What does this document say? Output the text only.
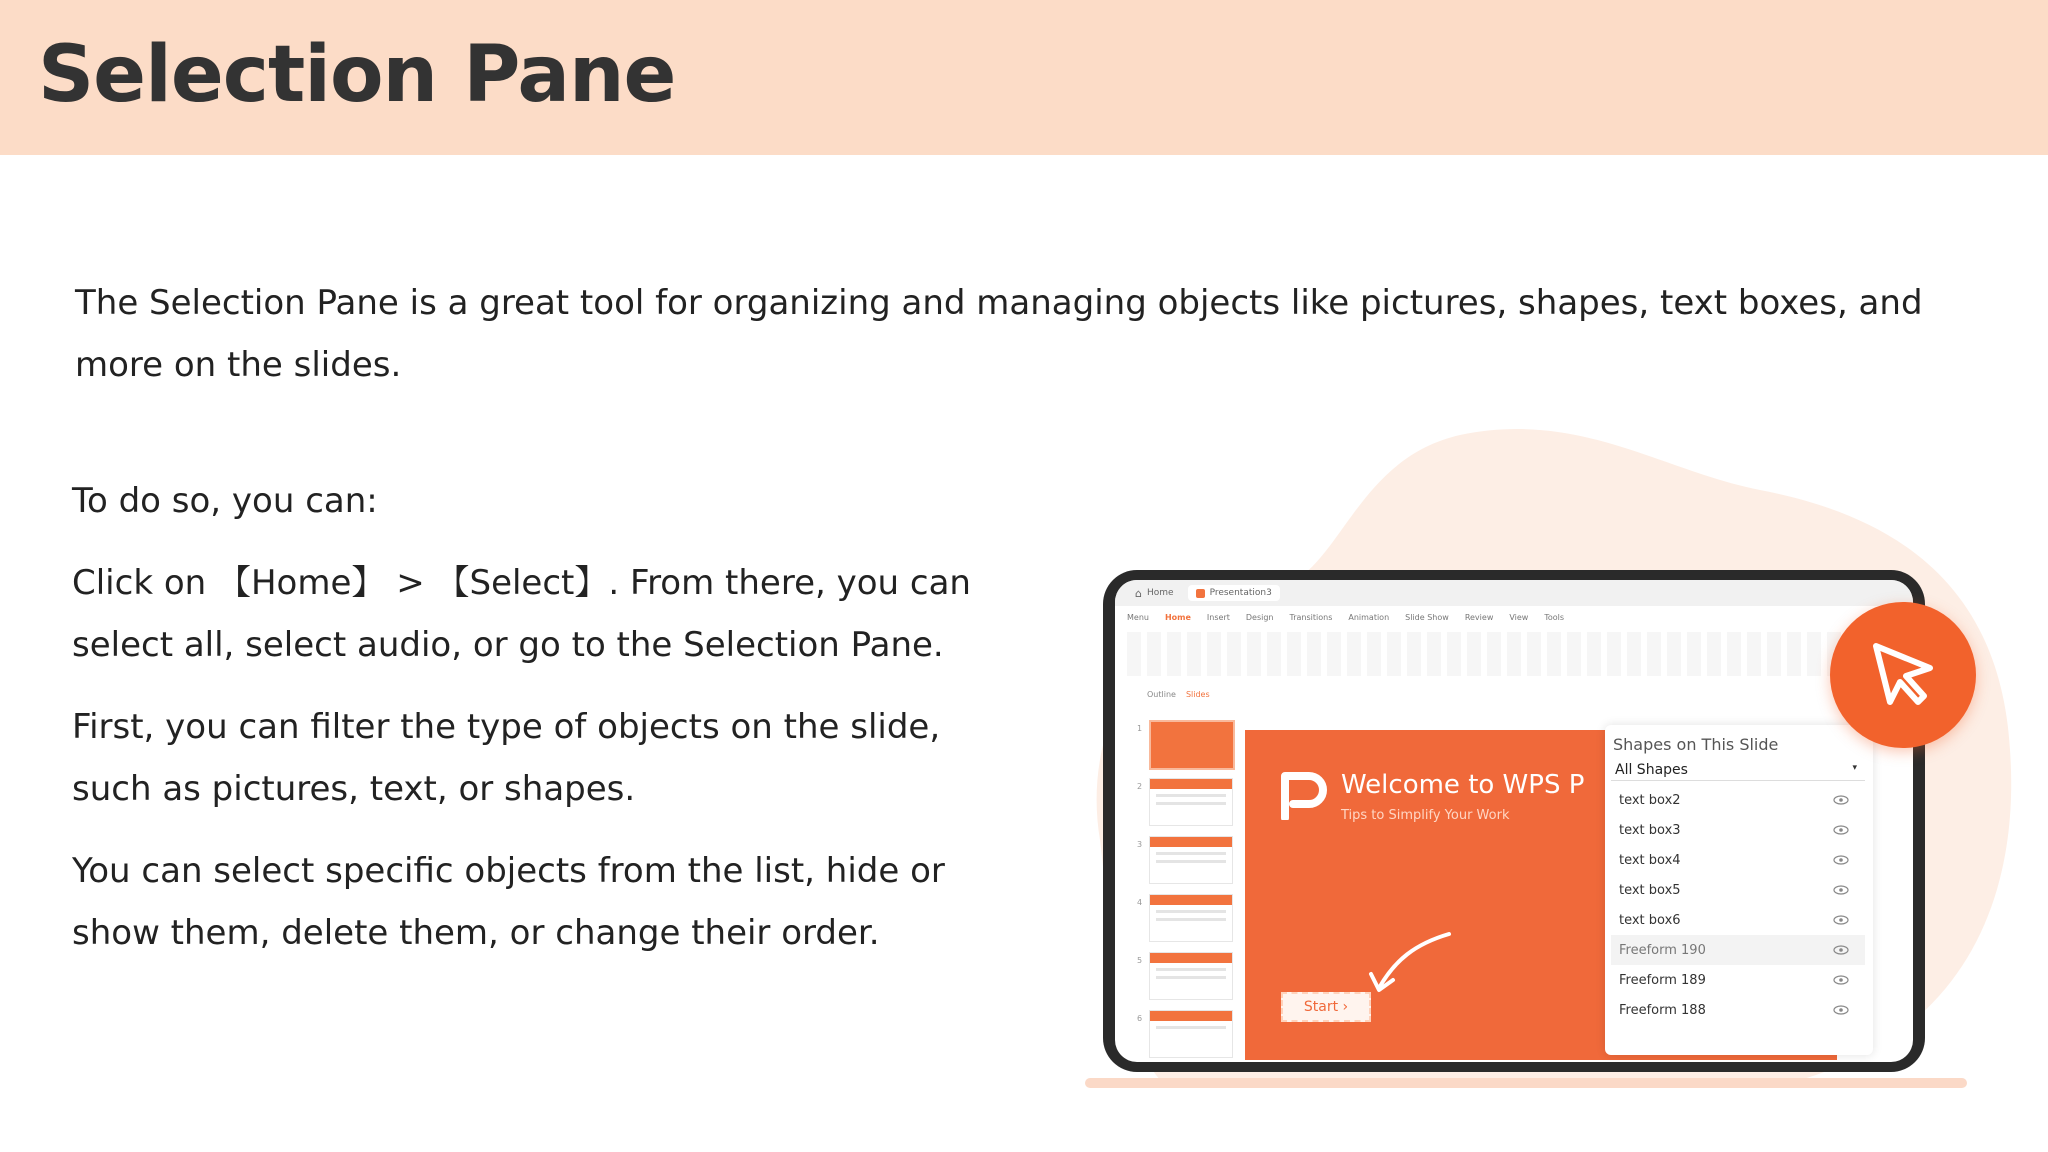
Selection Pane

The Selection Pane is a great tool for organizing and managing objects like pictures, shapes, text boxes, and more on the slides.

To do so, you can:

Click on 【Home】 > 【Select】. From there, you can select all, select audio, or go to the Selection Pane.

First, you can filter the type of objects on the slide, such as pictures, text, or shapes.

You can select specific objects from the list, hide or show them, delete them, or change their order.

⌂ Home	Presentation3
Menu Home Insert Design Transitions Animation Slide Show Review View Tools
Outline Slides
1
2
3
4
5
6
Welcome to WPS P
Tips to Simplify Your Work
Start ›
Shapes on This Slide
All Shapes	▾
text box2
text box3
text box4
text box5
text box6
Freeform 190
Freeform 189
Freeform 188
